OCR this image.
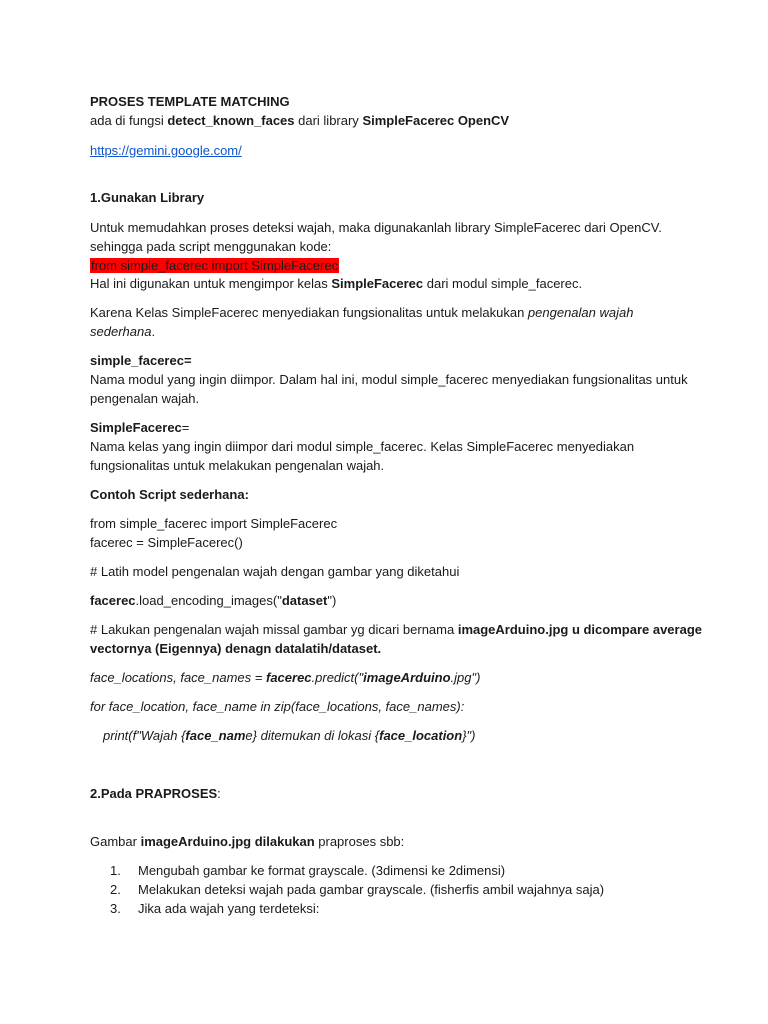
PROSES TEMPLATE MATCHING
ada di fungsi detect_known_faces dari library SimpleFacerec OpenCV
https://gemini.google.com/
1.Gunakan Library
Untuk memudahkan proses deteksi wajah, maka digunakanlah library SimpleFacerec dari OpenCV.
sehingga pada script menggunakan kode:
from simple_facerec import SimpleFacerec
Hal ini digunakan untuk mengimpor kelas SimpleFacerec dari modul simple_facerec.
Karena Kelas SimpleFacerec menyediakan fungsionalitas untuk melakukan pengenalan wajah
sederhana.
simple_facerec=
Nama modul yang ingin diimpor. Dalam hal ini, modul simple_facerec menyediakan fungsionalitas untuk
pengenalan wajah.
SimpleFacerec=
Nama kelas yang ingin diimpor dari modul simple_facerec. Kelas SimpleFacerec menyediakan
fungsionalitas untuk melakukan pengenalan wajah.
Contoh Script sederhana:
from simple_facerec import SimpleFacerec
facerec = SimpleFacerec()
# Latih model pengenalan wajah dengan gambar yang diketahui
facerec.load_encoding_images("dataset")
# Lakukan pengenalan wajah missal gambar yg dicari bernama imageArduino.jpg u dicompare average
vectornya (Eigennya) denagn datalatih/dataset.
face_locations, face_names = facerec.predict("imageArduino.jpg")
for face_location, face_name in zip(face_locations, face_names):
print(f"Wajah {face_name} ditemukan di lokasi {face_location}")
2.Pada PRAPROSES:
Gambar imageArduino.jpg dilakukan praproses sbb:
1. Mengubah gambar ke format grayscale. (3dimensi ke 2dimensi)
2. Melakukan deteksi wajah pada gambar grayscale. (fisherfis ambil wajahnya saja)
3. Jika ada wajah yang terdeteksi:
